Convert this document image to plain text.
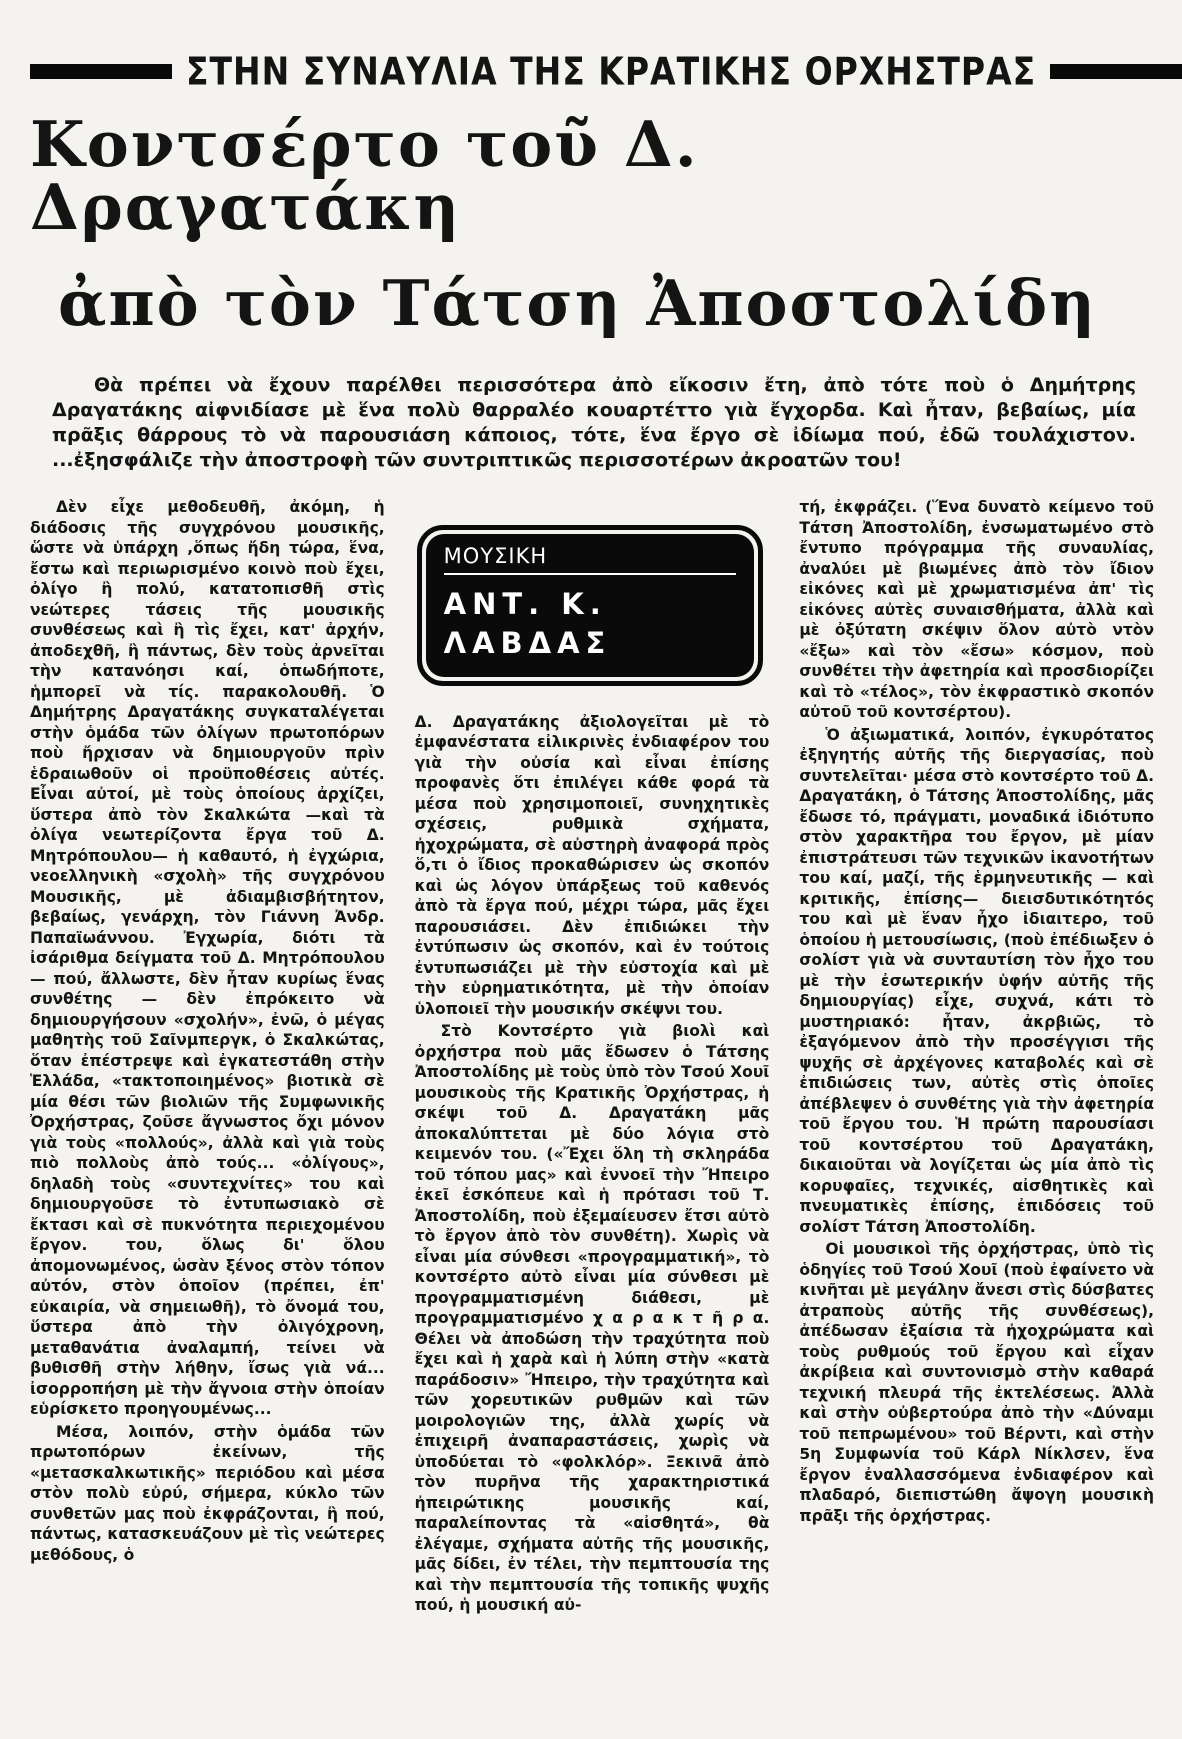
ΣΤΗΝ ΣΥΝΑΥΛΙΑ ΤΗΣ ΚΡΑΤΙΚΗΣ ΟΡΧΗΣΤΡΑΣ
Κοντσέρτο τοῦ Δ. Δραγατάκη
ἀπὸ τὸν Τάτση Ἀποστολίδη
Θὰ πρέπει νὰ ἔχουν παρέλθει περισσότερα ἀπὸ εἴκοσιν ἔτη, ἀπὸ τότε ποὺ ὁ Δημήτρης Δραγατάκης αἰφνιδίασε μὲ ἕνα πολὺ θαρραλέο κουαρτέττο γιὰ ἔγχορδα. Καὶ ἦταν, βεβαίως, μία πρᾶξις θάρρους τὸ νὰ παρουσιάση κάποιος, τότε, ἕνα ἔργο σὲ ἰδίωμα πού, ἐδῶ τουλάχιστον. ...ἐξησφάλιζε τὴν ἀποστροφὴ τῶν συντριπτικῶς περισσοτέρων ἀκροατῶν του!

Δὲν εἶχε μεθοδευθῆ, ἀκόμη, ἡ διάδοσις τῆς συγχρόνου μουσικῆς, ὥστε νὰ ὑπάρχη ,ὅπως ἤδη τώρα, ἕνα, ἔστω καὶ περιωρισμένο κοινὸ ποὺ ἔχει, ὀλίγο ἢ πολύ, κατατοπισθῆ στὶς νεώτερες τάσεις τῆς μουσικῆς συνθέσεως καὶ ἢ τὶς ἔχει, κατ' ἀρχήν, ἀποδεχθῆ, ἢ πάντως, δὲν τοὺς ἀρνεῖται τὴν κατανόησι καί, ὁπωδήποτε, ἡμπορεῖ νὰ τίς. παρακολουθῆ. Ὁ Δημήτρης Δραγατάκης συγκαταλέγεται στὴν ὁμάδα τῶν ὀλίγων πρωτοπόρων ποὺ ἤρχισαν νὰ δημιουργοῦν πρὶν ἑδραιωθοῦν οἱ προϋποθέσεις αὐτές. Εἶναι αὐτοί, μὲ τοὺς ὁποίους ἀρχίζει, ὕστερα ἀπὸ τὸν Σκαλκώτα —καὶ τὰ ὀλίγα νεωτερίζοντα ἔργα τοῦ Δ. Μητρόπουλου— ἡ καθαυτό, ἡ ἐγχώρια, νεοελληνικὴ «σχολὴ» τῆς συγχρόνου Μουσικῆς, μὲ ἀδιαμβισβήτητον, βεβαίως, γενάρχη, τὸν Γιάννη Ἀνδρ. Παπαϊωάννου. Ἐγχωρία, διότι τὰ ἰσάριθμα δείγματα τοῦ Δ. Μητρόπουλου — πού, ἄλλωστε, δὲν ἦταν κυρίως ἕνας συνθέτης — δὲν ἐπρόκειτο νὰ δημιουργήσουν «σχολήν», ἐνῶ, ὁ μέγας μαθητὴς τοῦ Σαῖνμπεργκ, ὁ Σκαλκώτας, ὅταν ἐπέστρεψε καὶ ἐγκατεστάθη στὴν Ἑλλάδα, «τακτοποιημένος» βιοτικὰ σὲ μία θέσι τῶν βιολιῶν τῆς Συμφωνικῆς Ὀρχήστρας, ζοῦσε ἄγνωστος ὄχι μόνον γιὰ τοὺς «πολλούς», ἀλλὰ καὶ γιὰ τοὺς πιὸ πολλοὺς ἀπὸ τούς... «ὀλίγους», δηλαδὴ τοὺς «συντεχνίτες» του καὶ δημιουργοῦσε τὸ ἐντυπωσιακὸ σὲ ἔκτασι καὶ σὲ πυκνότητα περιεχομένου ἔργον. του, ὅλως δι' ὅλου ἀπομονωμένος, ὡσὰν ξένος στὸν τόπον αὐτόν, στὸν ὁποῖον (πρέπει, ἐπ' εὐκαιρία, νὰ σημειωθῆ), τὸ ὄνομά του, ὕστερα ἀπὸ τὴν ὀλιγόχρονη, μεταθανάτια ἀναλαμπή, τείνει νὰ βυθισθῆ στὴν λήθην, ἴσως γιὰ νά... ἰσορροπήση μὲ τὴν ἄγνοια στὴν ὁποίαν εὑρίσκετο προηγουμένως...

Μέσα, λοιπόν, στὴν ὁμάδα τῶν πρωτοπόρων ἐκείνων, τῆς «μετασκαλκωτικῆς» περιόδου καὶ μέσα στὸν πολὺ εὐρύ, σήμερα, κύκλο τῶν συνθετῶν μας ποὺ ἐκφράζονται, ἢ πού, πάντως, κατασκευάζουν μὲ τὶς νεώτερες μεθόδους, ὁ

ΜΟΥΣΙΚΗ
ΑΝΤ. Κ.
ΛΑΒΔΑΣ

Δ. Δραγατάκης ἀξιολογεῖται μὲ τὸ ἐμφανέστατα εἰλικρινὲς ἐνδιαφέρον του γιὰ τὴν οὐσία καὶ εἶναι ἐπίσης προφανὲς ὅτι ἐπιλέγει κάθε φορά τὰ μέσα ποὺ χρησιμοποιεῖ, συνηχητικὲς σχέσεις, ρυθμικὰ σχήματα, ἠχοχρώματα, σὲ αὐστηρὴ ἀναφορά πρὸς ὅ,τι ὁ ἴδιος προκαθώρισεν ὡς σκοπόν καὶ ὡς λόγον ὑπάρξεως τοῦ καθενός ἀπὸ τὰ ἔργα πού, μέχρι τώρα, μᾶς ἔχει παρουσιάσει. Δὲν ἐπιδιώκει τὴν ἐντύπωσιν ὡς σκοπόν, καὶ ἐν τούτοις ἐντυπωσιάζει μὲ τὴν εὐστοχία καὶ μὲ τὴν εὑρηματικότητα, μὲ τὴν ὁποίαν ὑλοποιεῖ τὴν μουσικήν σκέψνι του.

Στὸ Κοντσέρτο γιὰ βιολὶ καὶ ὀρχήστρα ποὺ μᾶς ἔδωσεν ὁ Τάτσης Ἀποστολίδης μὲ τοὺς ὑπὸ τὸν Τσού Χουῖ μουσικοὺς τῆς Κρατικῆς Ὀρχήστρας, ἡ σκέψι τοῦ Δ. Δραγατάκη μᾶς ἀποκαλύπτεται μὲ δύο λόγια στὸ κειμενόν του. («Ἔχει ὅλη τὴ σκληράδα τοῦ τόπου μας» καὶ ἐννοεῖ τὴν Ἤπειρο ἐκεῖ ἐσκόπευε καὶ ἡ πρότασι τοῦ Τ. Ἀποστολίδη, ποὺ ἐξεμαίευσεν ἔτσι αὐτὸ τὸ ἔργον ἀπὸ τὸν συνθέτη). Χωρὶς νὰ εἶναι μία σύνθεσι «προγραμματική», τὸ κοντσέρτο αὐτὸ εἶναι μία σύνθεσι μὲ προγραμματισμένη διάθεσι, μὲ προγραμματισμένο χ α ρ α κ τ ῆ ρ α. Θέλει νὰ ἀποδώση τὴν τραχύτητα ποὺ ἔχει καὶ ἡ χαρὰ καὶ ἡ λύπη στὴν «κατὰ παράδοσιν» Ἤπειρο, τὴν τραχύτητα καὶ τῶν χορευτικῶν ρυθμῶν καὶ τῶν μοιρολογιῶν της, ἀλλὰ χωρίς νὰ ἐπιχειρῆ ἀναπαραστάσεις, χωρὶς νὰ ὑποδύεται τὸ «φολκλόρ». Ξεκινᾶ ἀπὸ τὸν πυρῆνα τῆς χαρακτηριστικά ἠπειρώτικης μουσικῆς καί, παραλείποντας τὰ «αἰσθητά», θὰ ἐλέγαμε, σχήματα αὐτῆς τῆς μουσικῆς, μᾶς δίδει, ἐν τέλει, τὴν πεμπτουσία της καὶ τὴν πεμπτουσία τῆς τοπικῆς ψυχῆς πού, ἡ μουσική αὐ-

τή, ἐκφράζει. (Ἕνα δυνατὸ κείμενο τοῦ Τάτση Ἀποστολίδη, ἐνσωματωμένο στὸ ἔντυπο πρόγραμμα τῆς συναυλίας, ἀναλύει μὲ βιωμένες ἀπὸ τὸν ἴδιον εἰκόνες καὶ μὲ χρωματισμένα ἀπ' τὶς εἰκόνες αὐτὲς συναισθήματα, ἀλλὰ καὶ μὲ ὀξύτατη σκέψιν ὅλον αὐτὸ ντὸν «ἔξω» καὶ τὸν «ἔσω» κόσμον, ποὺ συνθέτει τὴν ἀφετηρία καὶ προσδιορίζει καὶ τὸ «τέλος», τὸν ἐκφραστικὸ σκοπόν αὐτοῦ τοῦ κοντσέρτου).

Ὁ ἀξιωματικά, λοιπόν, ἐγκυρότατος ἐξηγητής αὐτῆς τῆς διεργασίας, ποὺ συντελεῖται· μέσα στὸ κοντσέρτο τοῦ Δ. Δραγατάκη, ὁ Τάτσης Ἀποστολίδης, μᾶς ἔδωσε τό, πράγματι, μοναδικά ἰδιότυπο στὸν χαρακτῆρα του ἔργον, μὲ μίαν ἐπιστράτευσι τῶν τεχνικῶν ἱκανοτήτων του καί, μαζί, τῆς ἑρμηνευτικῆς — καὶ κριτικῆς, ἐπίσης— διεισδυτικότητός του καὶ μὲ ἕναν ἦχο ἰδιαιτερο, τοῦ ὁποίου ἡ μετουσίωσις, (ποὺ ἐπέδιωξεν ὁ σολίστ γιὰ νὰ συνταυτίση τὸν ἦχο του μὲ τὴν ἐσωτερικήν ὑφήν αὐτῆς τῆς δημιουργίας) εἶχε, συχνά, κάτι τὸ μυστηριακό: ἦταν, ἀκρβιῶς, τὸ ἐξαγόμενον ἀπὸ τὴν προσέγγισι τῆς ψυχῆς σὲ ἀρχέγονες καταβολές καὶ σὲ ἐπιδιώσεις των, αὐτὲς στὶς ὁποῖες ἀπέβλεψεν ὁ συνθέτης γιὰ τὴν ἀφετηρία τοῦ ἔργου του. Ἡ πρώτη παρουσίασι τοῦ κοντσέρτου τοῦ Δραγατάκη, δικαιοῦται νὰ λογίζεται ὡς μία ἀπὸ τὶς κορυφαῖες, τεχνικές, αἰσθητικὲς καὶ πνευματικὲς ἐπίσης, ἐπιδόσεις τοῦ σολίστ Τάτση Ἀποστολίδη.

Οἱ μουσικοὶ τῆς ὀρχήστρας, ὑπὸ τὶς ὁδηγίες τοῦ Τσού Χουῖ (ποὺ ἐφαίνετο νὰ κινῆται μὲ μεγάλην ἄνεσι στὶς δύσβατες ἀτραποὺς αὐτῆς τῆς συνθέσεως), ἀπέδωσαν ἐξαίσια τὰ ἠχοχρώματα καὶ τοὺς ρυθμούς τοῦ ἔργου καὶ εἶχαν ἀκρίβεια καὶ συντονισμὸ στὴν καθαρά τεχνική πλευρά τῆς ἐκτελέσεως. Ἀλλὰ καὶ στὴν οὐβερτούρα ἀπὸ τὴν «Δύναμι τοῦ πεπρωμένου» τοῦ Βέρντι, καὶ στὴν 5η Συμφωνία τοῦ Κάρλ Νίκλσεν, ἕνα ἔργον ἐναλλασσόμενα ἐνδιαφέρον καὶ πλαδαρό, διεπιστώθη ἄψογη μουσικὴ πρᾶξι τῆς ὀρχήστρας.
